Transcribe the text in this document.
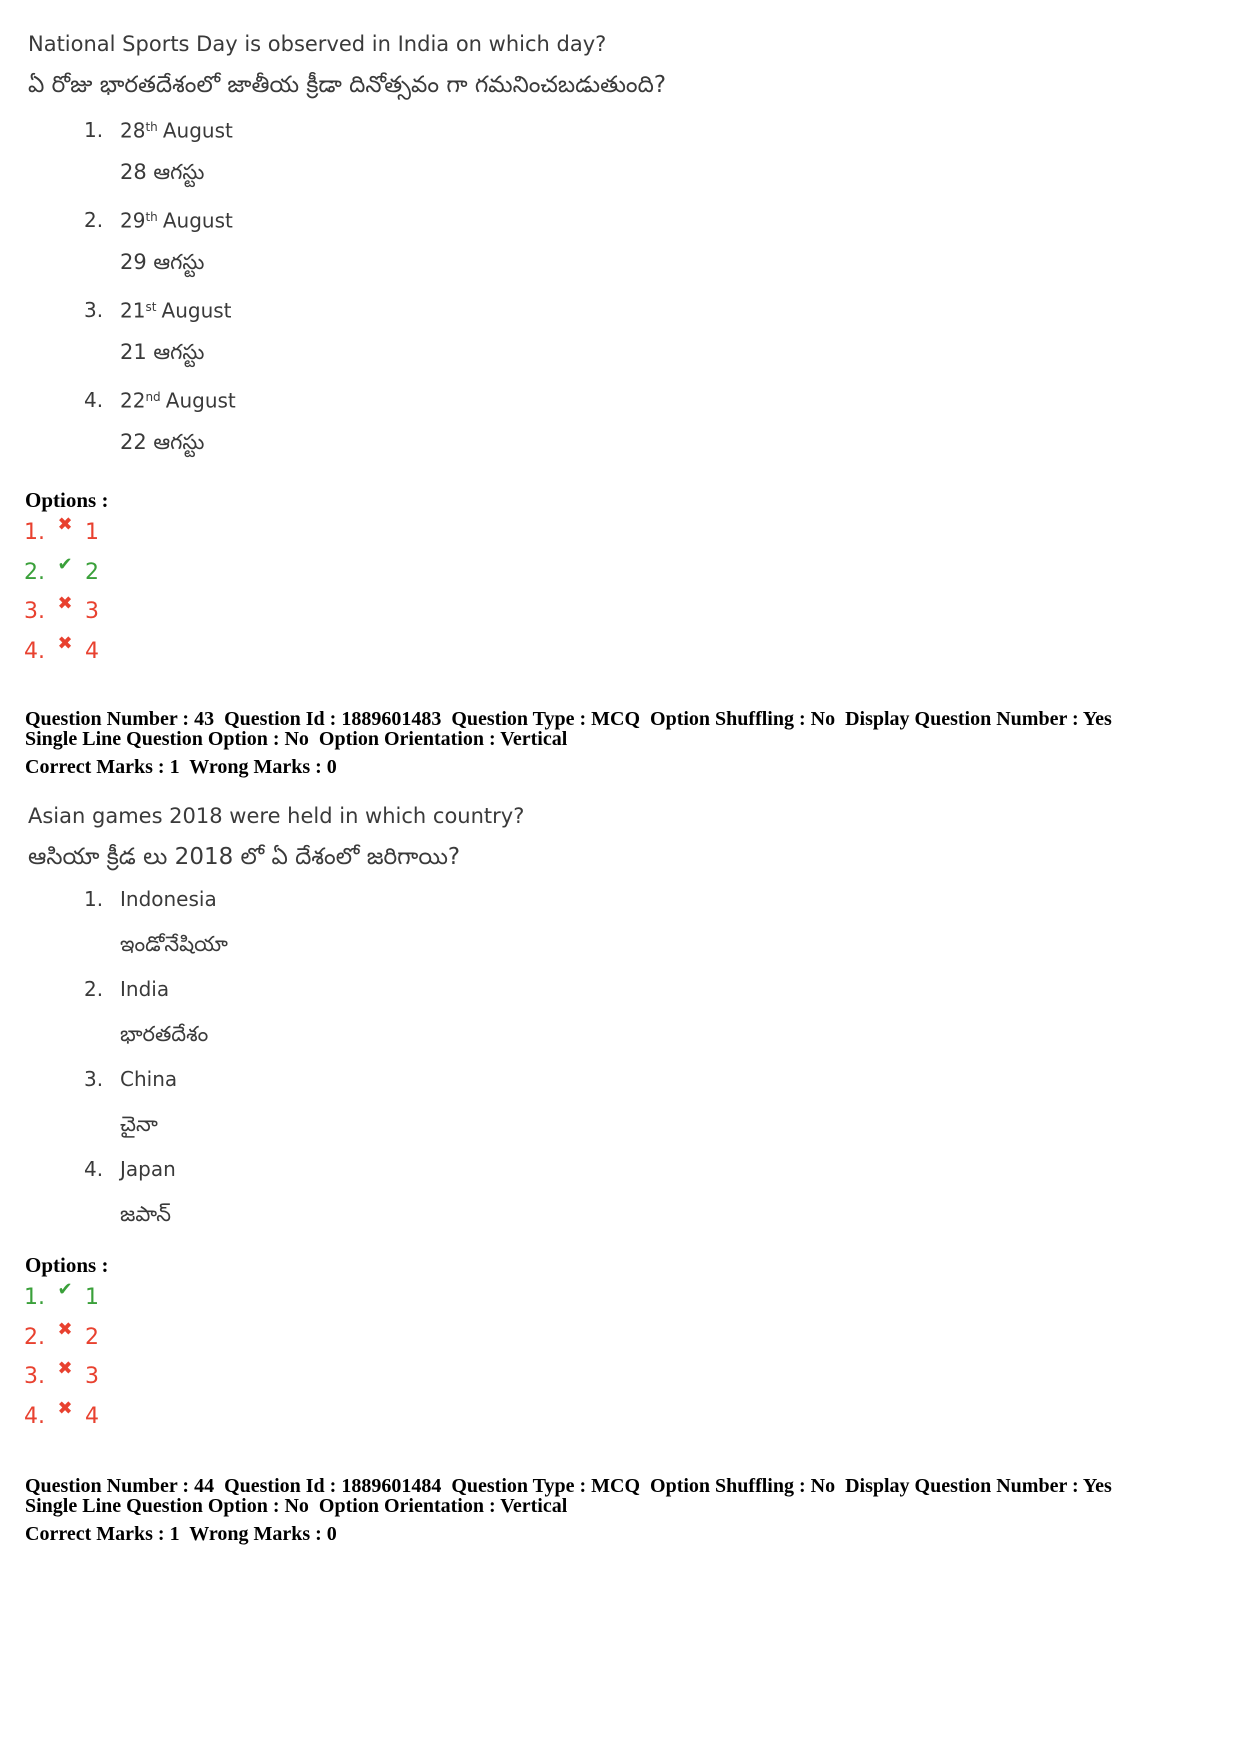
National Sports Day is observed in India on which day?
ఏ రోజు భారతదేశంలో జాతీయ క్రీడా దినోత్సవం గా గమనించబడుతుంది?
1. 28th August
28 ఆగస్టు
2. 29th August
29 ఆగస్టు
3. 21st August
21 ఆగస్టు
4. 22nd August
22 ఆగస్టు
Options :
1. ✖ 1
2. ✔ 2
3. ✖ 3
4. ✖ 4
Question Number : 43  Question Id : 1889601483  Question Type : MCQ  Option Shuffling : No  Display Question Number : Yes
Single Line Question Option : No  Option Orientation : Vertical
Correct Marks : 1  Wrong Marks : 0
Asian games 2018 were held in which country?
ఆసియా క్రీడ లు 2018 లో ఏ దేశంలో జరిగాయి?
1. Indonesia
ఇండోనేషియా
2. India
భారతదేశం
3. China
చైనా
4. Japan
జపాన్
Options :
1. ✔ 1
2. ✖ 2
3. ✖ 3
4. ✖ 4
Question Number : 44  Question Id : 1889601484  Question Type : MCQ  Option Shuffling : No  Display Question Number : Yes
Single Line Question Option : No  Option Orientation : Vertical
Correct Marks : 1  Wrong Marks : 0
